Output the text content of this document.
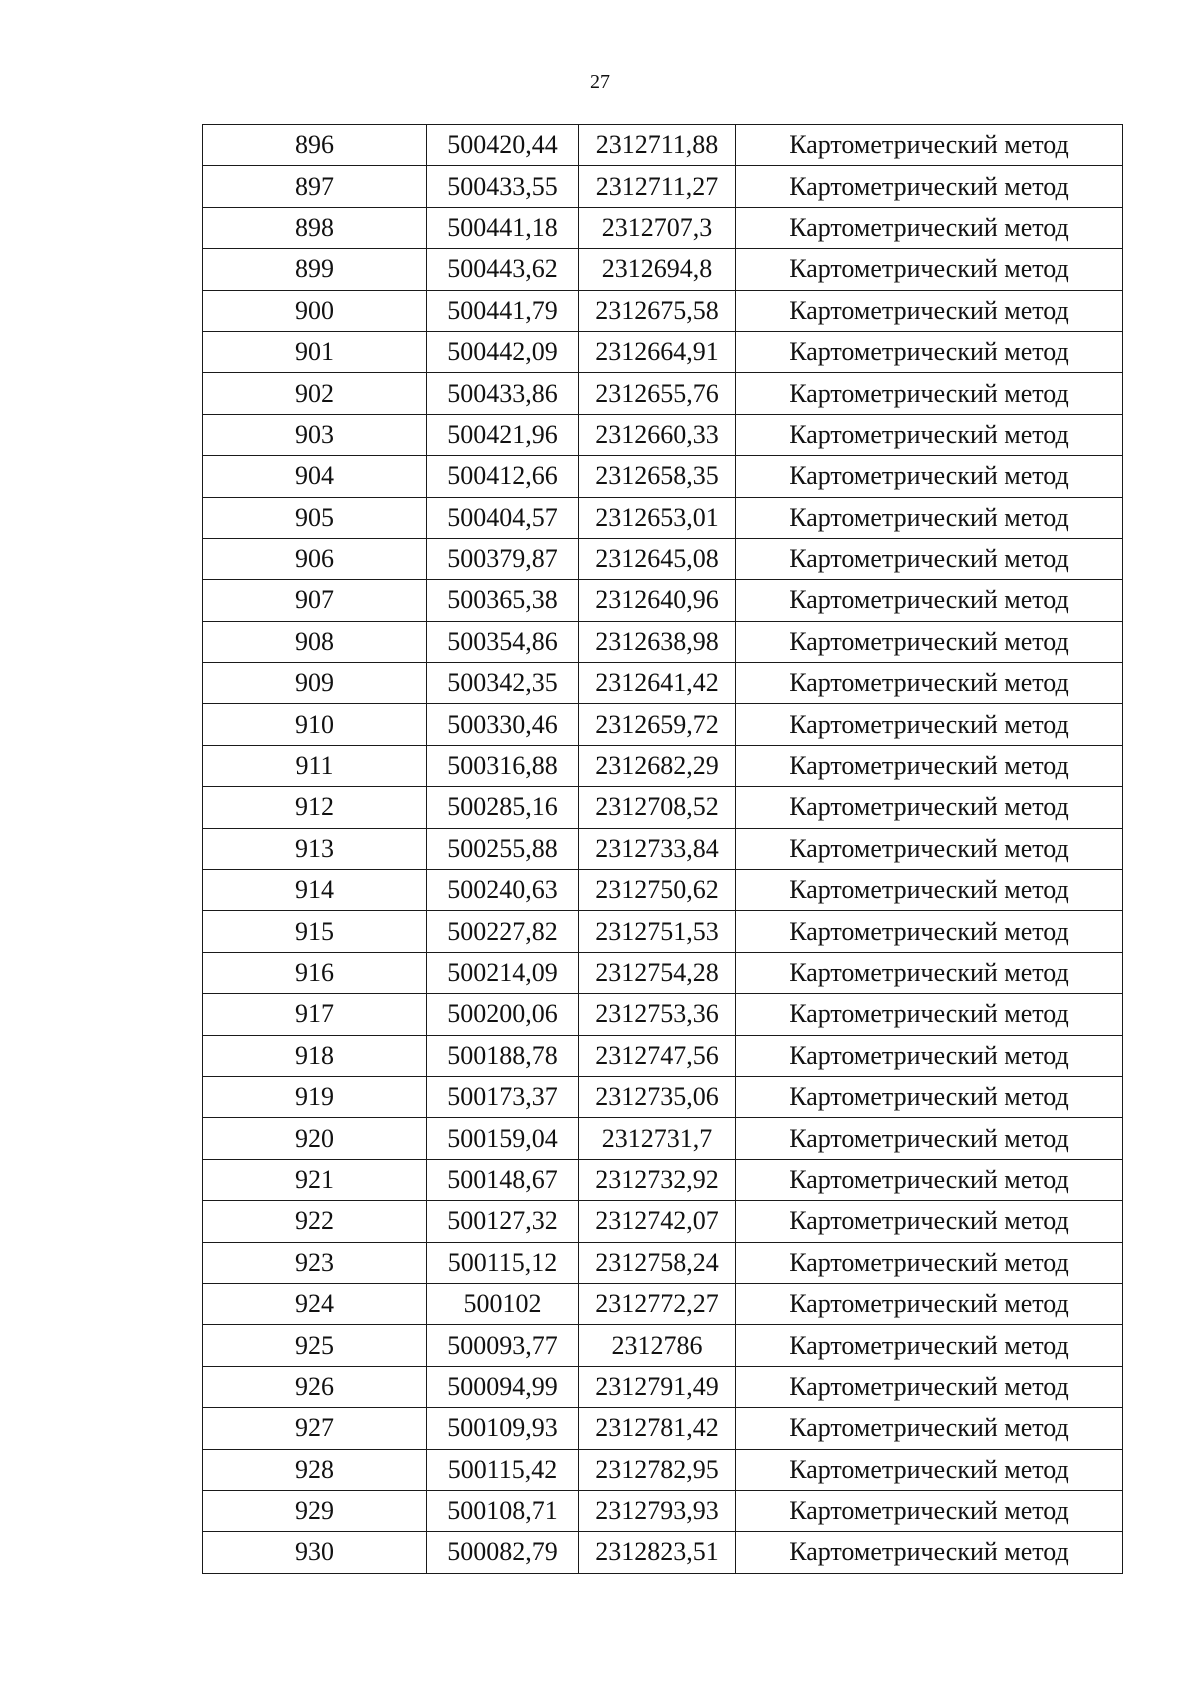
27
896	500420,44	2312711,88	Картометрический метод
897	500433,55	2312711,27	Картометрический метод
898	500441,18	2312707,3	Картометрический метод
899	500443,62	2312694,8	Картометрический метод
900	500441,79	2312675,58	Картометрический метод
901	500442,09	2312664,91	Картометрический метод
902	500433,86	2312655,76	Картометрический метод
903	500421,96	2312660,33	Картометрический метод
904	500412,66	2312658,35	Картометрический метод
905	500404,57	2312653,01	Картометрический метод
906	500379,87	2312645,08	Картометрический метод
907	500365,38	2312640,96	Картометрический метод
908	500354,86	2312638,98	Картометрический метод
909	500342,35	2312641,42	Картометрический метод
910	500330,46	2312659,72	Картометрический метод
911	500316,88	2312682,29	Картометрический метод
912	500285,16	2312708,52	Картометрический метод
913	500255,88	2312733,84	Картометрический метод
914	500240,63	2312750,62	Картометрический метод
915	500227,82	2312751,53	Картометрический метод
916	500214,09	2312754,28	Картометрический метод
917	500200,06	2312753,36	Картометрический метод
918	500188,78	2312747,56	Картометрический метод
919	500173,37	2312735,06	Картометрический метод
920	500159,04	2312731,7	Картометрический метод
921	500148,67	2312732,92	Картометрический метод
922	500127,32	2312742,07	Картометрический метод
923	500115,12	2312758,24	Картометрический метод
924	500102	2312772,27	Картометрический метод
925	500093,77	2312786	Картометрический метод
926	500094,99	2312791,49	Картометрический метод
927	500109,93	2312781,42	Картометрический метод
928	500115,42	2312782,95	Картометрический метод
929	500108,71	2312793,93	Картометрический метод
930	500082,79	2312823,51	Картометрический метод
